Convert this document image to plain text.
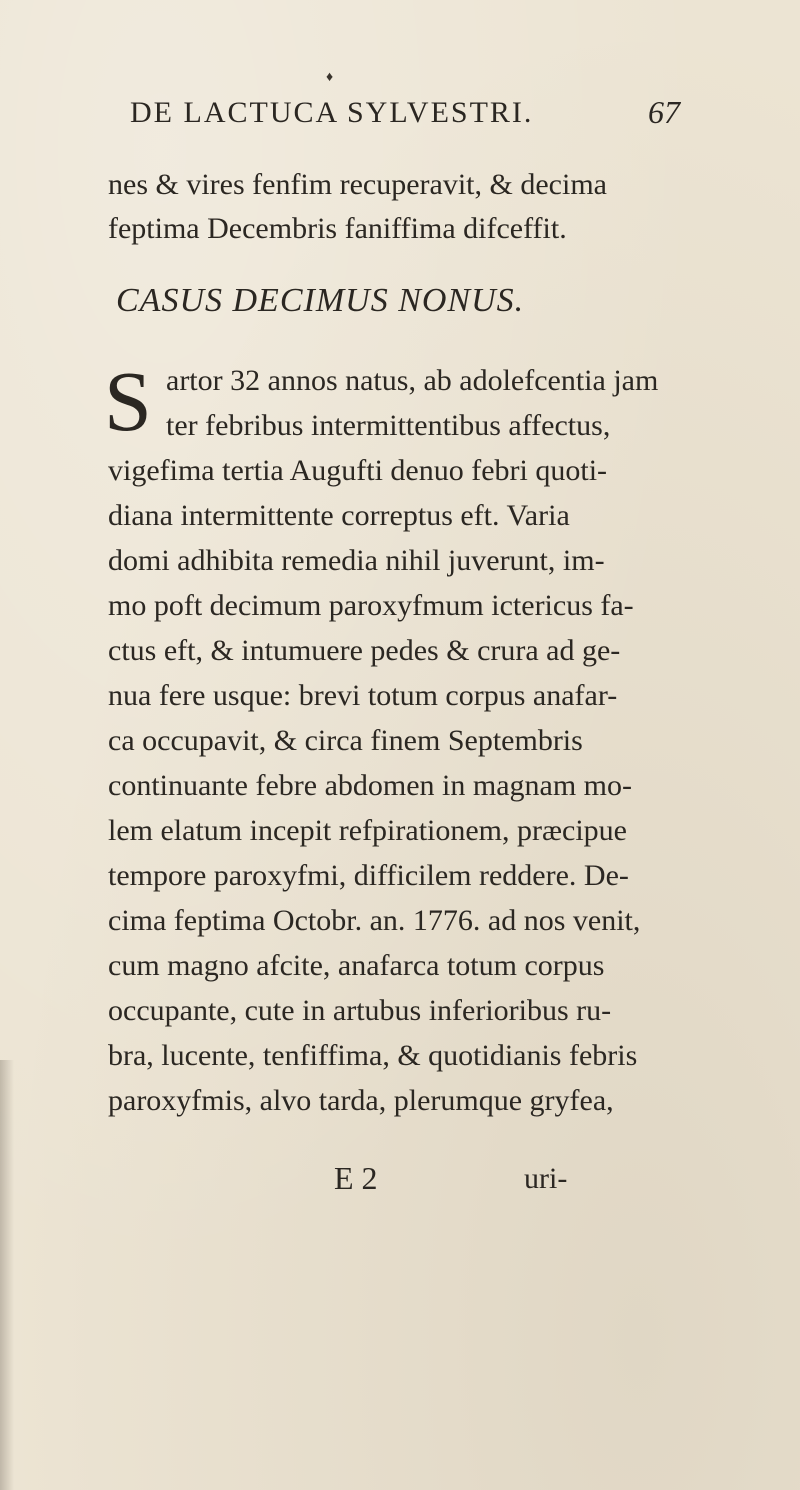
♦
DE LACTUCA SYLVESTRI.	67
nes & vires fenfim recuperavit, & decima
feptima Decembris faniffima difceffit.
CASUS DECIMUS NONUS.
S artor 32 annos natus, ab adolefcentia jam
ter febribus intermittentibus affectus,
vigefima tertia Augufti denuo febri quoti-
diana intermittente correptus eft. Varia
domi adhibita remedia nihil juverunt, im-
mo poft decimum paroxyfmum ictericus fa-
ctus eft, & intumuere pedes & crura ad ge-
nua fere usque: brevi totum corpus anafar-
ca occupavit, & circa finem Septembris
continuante febre abdomen in magnam mo-
lem elatum incepit refpirationem, præcipue
tempore paroxyfmi, difficilem reddere. De-
cima feptima Octobr. an. 1776. ad nos venit,
cum magno afcite, anafarca totum corpus
occupante, cute in artubus inferioribus ru-
bra, lucente, tenfiffima, & quotidianis febris
paroxyfmis, alvo tarda, plerumque gryfea,
E 2	uri-
